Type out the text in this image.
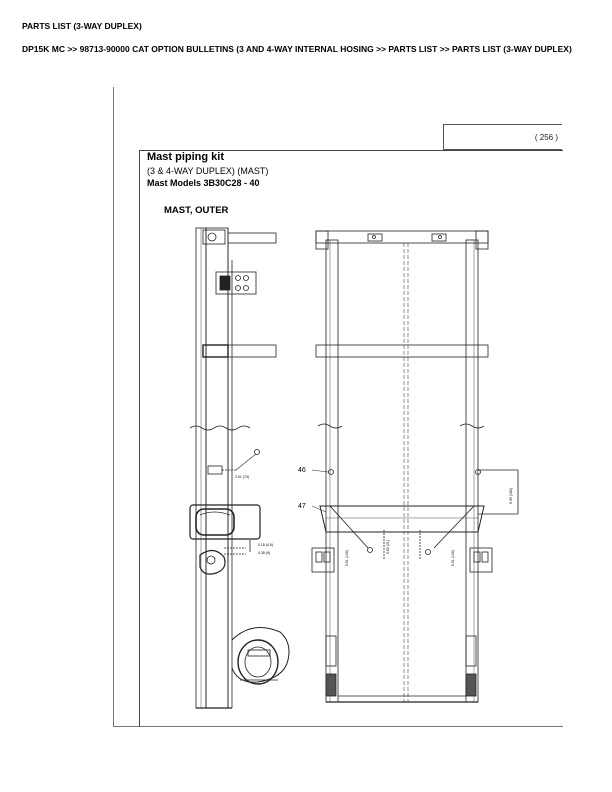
PARTS LIST (3-WAY DUPLEX)
DP15K MC >> 98713-90000 CAT OPTION BULLETINS (3 AND 4-WAY INTERNAL HOSING >> PARTS LIST >> PARTS LIST (3-WAY DUPLEX)
( 256 )
Mast piping kit
(3 & 4-WAY DUPLEX) (MAST)
Mast Models 3B30C28 - 40
MAST, OUTER
46
47
2.01 (74)
0.18 (4.5)
0.35 (9)	5.51 (140)
0.83 (21)
5.51 (140)
5.39 (180)
